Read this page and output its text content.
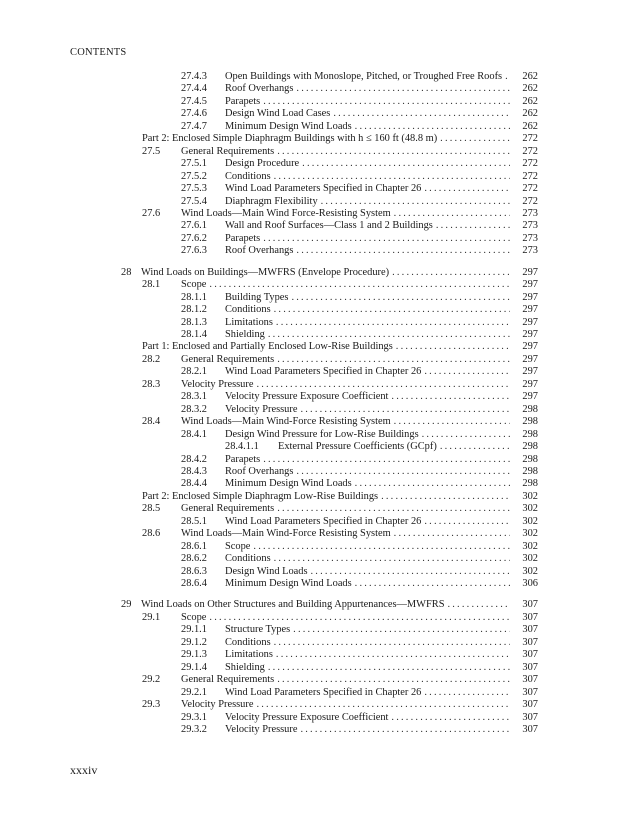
CONTENTS
27.4.3 Open Buildings with Monoslope, Pitched, or Troughed Free Roofs . . .	262
27.4.4 Roof Overhangs . . .	262
27.4.5 Parapets . . .	262
27.4.6 Design Wind Load Cases . . .	262
27.4.7 Minimum Design Wind Loads . . .	262
Part 2: Enclosed Simple Diaphragm Buildings with h ≤ 160 ft (48.8 m) . . .	272
27.5 General Requirements . . .	272
27.5.1 Design Procedure . . .	272
27.5.2 Conditions . . .	272
27.5.3 Wind Load Parameters Specified in Chapter 26 . . .	272
27.5.4 Diaphragm Flexibility . . .	272
27.6 Wind Loads—Main Wind Force-Resisting System . . .	273
27.6.1 Wall and Roof Surfaces—Class 1 and 2 Buildings . . .	273
27.6.2 Parapets . . .	273
27.6.3 Roof Overhangs . . .	273
28 Wind Loads on Buildings—MWFRS (Envelope Procedure) . . .	297
28.1 Scope . . .	297
28.1.1 Building Types . . .	297
28.1.2 Conditions . . .	297
28.1.3 Limitations . . .	297
28.1.4 Shielding . . .	297
Part 1: Enclosed and Partially Enclosed Low-Rise Buildings . . .	297
28.2 General Requirements . . .	297
28.2.1 Wind Load Parameters Specified in Chapter 26 . . .	297
28.3 Velocity Pressure . . .	297
28.3.1 Velocity Pressure Exposure Coefficient . . .	297
28.3.2 Velocity Pressure . . .	298
28.4 Wind Loads—Main Wind-Force Resisting System . . .	298
28.4.1 Design Wind Pressure for Low-Rise Buildings . . .	298
28.4.1.1 External Pressure Coefficients (GCpf) . . .	298
28.4.2 Parapets . . .	298
28.4.3 Roof Overhangs . . .	298
28.4.4 Minimum Design Wind Loads . . .	298
Part 2: Enclosed Simple Diaphragm Low-Rise Buildings . . .	302
28.5 General Requirements . . .	302
28.5.1 Wind Load Parameters Specified in Chapter 26 . . .	302
28.6 Wind Loads—Main Wind-Force Resisting System . . .	302
28.6.1 Scope . . .	302
28.6.2 Conditions . . .	302
28.6.3 Design Wind Loads . . .	302
28.6.4 Minimum Design Wind Loads . . .	306
29 Wind Loads on Other Structures and Building Appurtenances—MWFRS . . .	307
29.1 Scope . . .	307
29.1.1 Structure Types . . .	307
29.1.2 Conditions . . .	307
29.1.3 Limitations . . .	307
29.1.4 Shielding . . .	307
29.2 General Requirements . . .	307
29.2.1 Wind Load Parameters Specified in Chapter 26 . . .	307
29.3 Velocity Pressure . . .	307
29.3.1 Velocity Pressure Exposure Coefficient . . .	307
29.3.2 Velocity Pressure . . .	307
xxxiv
